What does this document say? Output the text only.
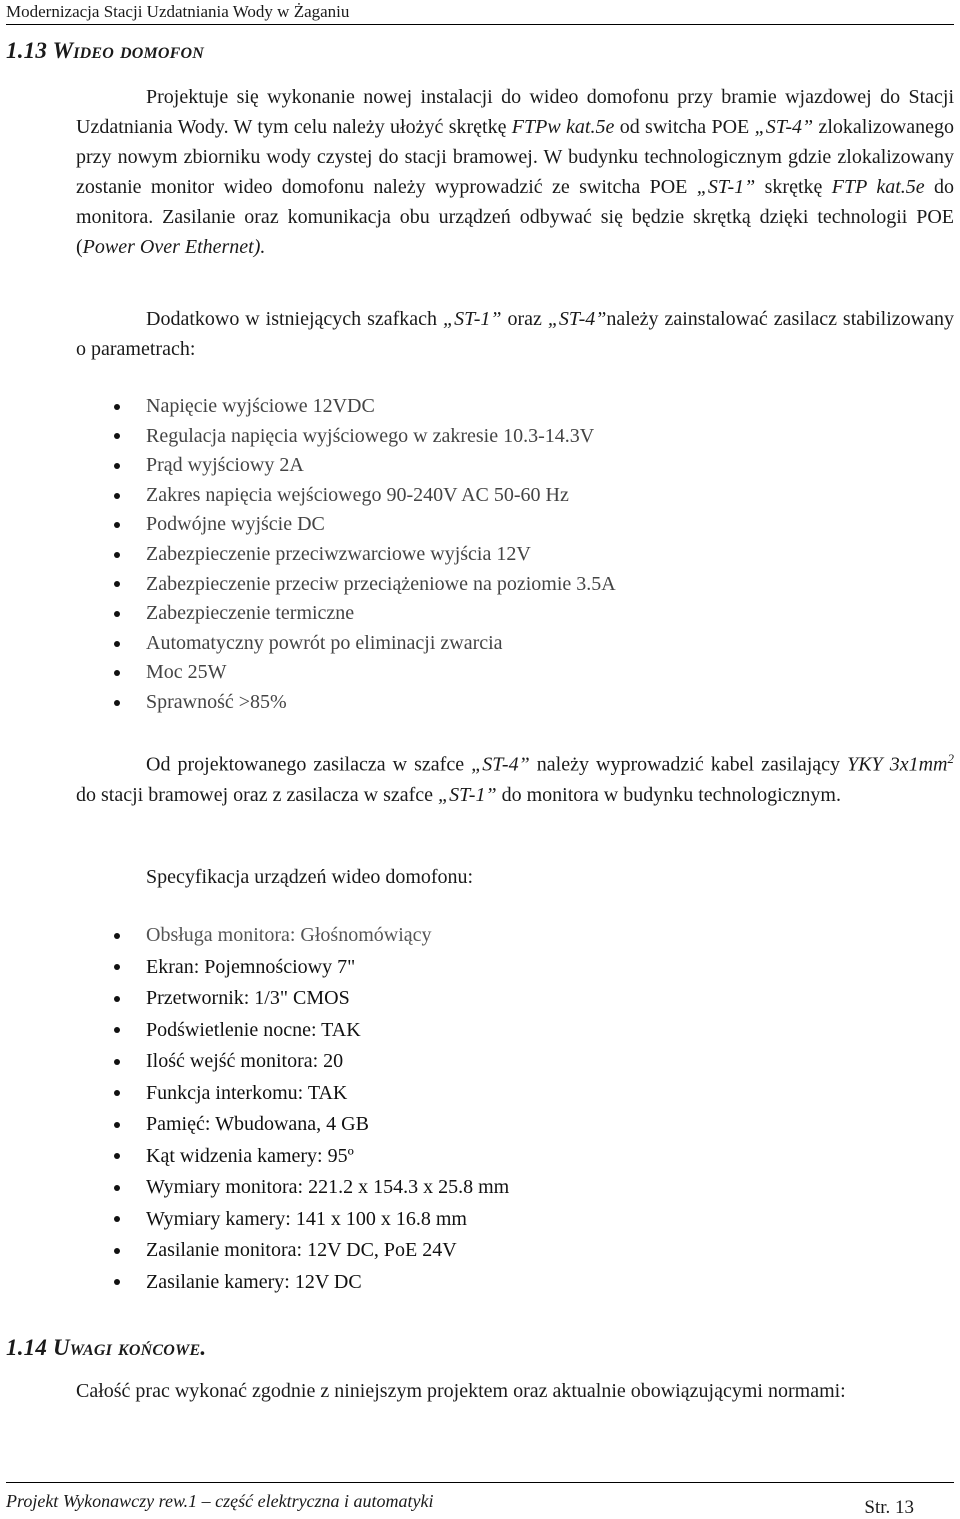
Modernizacja Stacji Uzdatniania Wody w Żaganiu
1.13 Wideo domofon

Projektuje się wykonanie nowej instalacji do wideo domofonu przy bramie wjazdowej do Stacji Uzdatniania Wody. W tym celu należy ułożyć skrętkę FTPw kat.5e od switcha POE „ST-4” zlokalizowanego przy nowym zbiorniku wody czystej do stacji bramowej. W budynku technologicznym gdzie zlokalizowany zostanie monitor wideo domofonu należy wyprowadzić ze switcha POE „ST-1” skrętkę FTP kat.5e do monitora. Zasilanie oraz komunikacja obu urządzeń odbywać się będzie skrętką dzięki technologii POE (Power Over Ethernet).

Dodatkowo w istniejących szafkach „ST-1” oraz „ST-4”należy zainstalować zasilacz stabilizowany o parametrach:

Napięcie wyjściowe 12VDC
Regulacja napięcia wyjściowego w zakresie 10.3-14.3V
Prąd wyjściowy 2A
Zakres napięcia wejściowego 90-240V AC 50-60 Hz
Podwójne wyjście DC
Zabezpieczenie przeciwzwarciowe wyjścia 12V
Zabezpieczenie przeciw przeciążeniowe na poziomie 3.5A
Zabezpieczenie termiczne
Automatyczny powrót po eliminacji zwarcia
Moc 25W
Sprawność >85%

Od projektowanego zasilacza w szafce „ST-4” należy wyprowadzić kabel zasilający YKY $3x1mm^2$ do stacji bramowej oraz z zasilacza w szafce „ST-1” do monitora w budynku technologicznym.

Specyfikacja urządzeń wideo domofonu:

Obsługa monitora: Głośnomówiący
Ekran: Pojemnościowy 7"
Przetwornik: 1/3" CMOS
Podświetlenie nocne: TAK
Ilość wejść monitora: 20
Funkcja interkomu: TAK
Pamięć: Wbudowana, 4 GB
Kąt widzenia kamery: 95º
Wymiary monitora: 221.2 x 154.3 x 25.8 mm
Wymiary kamery: 141 x 100 x 16.8 mm
Zasilanie monitora: 12V DC, PoE 24V
Zasilanie kamery: 12V DC
1.14 Uwagi końcowe.

Całość prac wykonać zgodnie z niniejszym projektem oraz aktualnie obowiązującymi normami:

Projekt Wykonawczy rew.1 – część elektryczna i automatyki	Str. 13
